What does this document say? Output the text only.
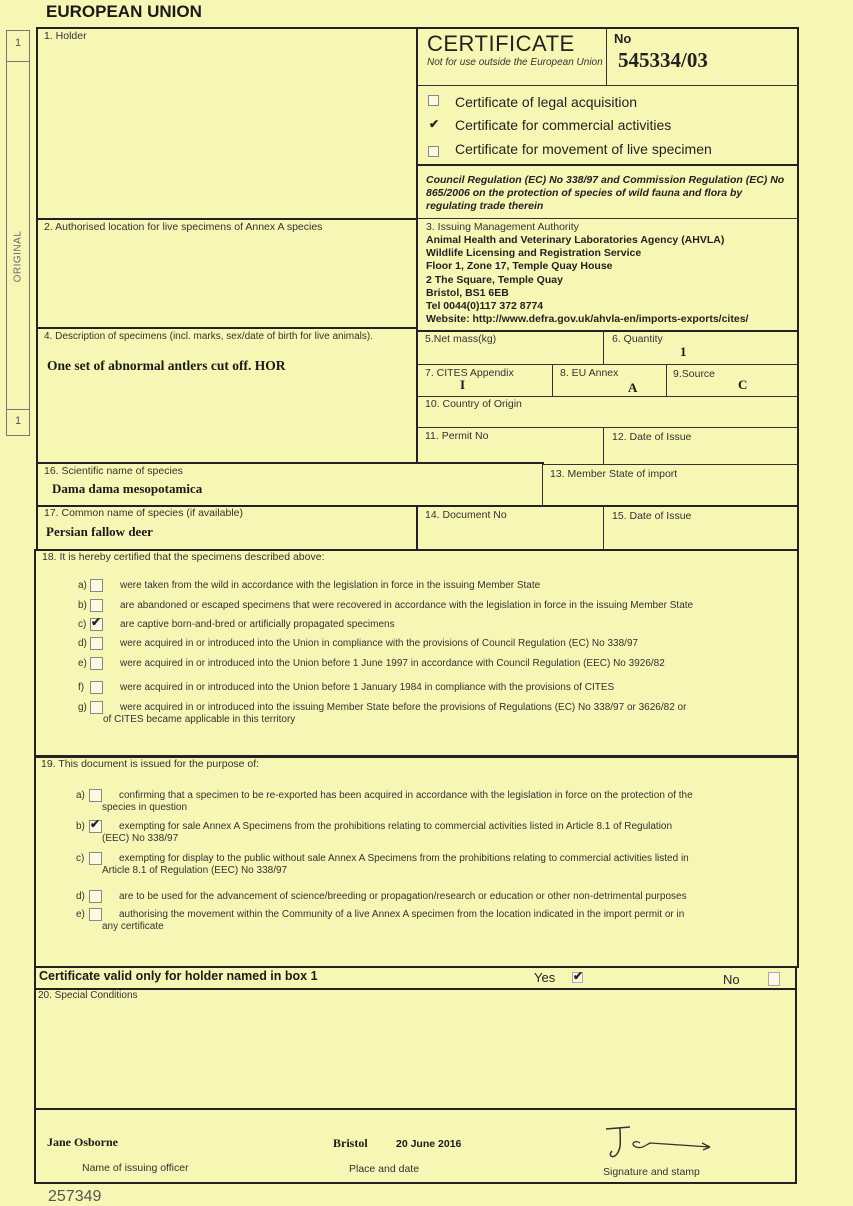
EUROPEAN UNION
1
ORIGINAL
1
1. Holder	CERTIFICATE
Not for use outside the European Union
No
545334/03
Certificate of legal acquisition
✔ Certificate for commercial activities
Certificate for movement of live specimen
Council Regulation (EC) No 338/97 and Commission Regulation (EC) No 865/2006 on the protection of species of wild fauna and flora by regulating trade therein
2. Authorised location for live specimens of Annex A species	3. Issuing Management Authority
Animal Health and Veterinary Laboratories Agency (AHVLA)
Wildlife Licensing and Registration Service
Floor 1, Zone 17, Temple Quay House
2 The Square, Temple Quay
Bristol, BS1 6EB
Tel 0044(0)117 372 8774
Website: http://www.defra.gov.uk/ahvla-en/imports-exports/cites/
4. Description of specimens (incl. marks, sex/date of birth for live animals).
One set of abnormal antlers cut off. HOR
5.Net mass(kg)	6. Quantity
1
7. CITES Appendix
I
8. EU Annex
A
9.Source
C
10. Country of Origin
11. Permit No	12. Date of Issue
16. Scientific name of species
Dama dama mesopotamica
13. Member State of import
17. Common name of species (if available)
Persian fallow deer
14. Document No	15. Date of Issue
18. It is hereby certified that the specimens described above:
a)	were taken from the wild in accordance with the legislation in force in the issuing Member State
b)	are abandoned or escaped specimens that were recovered in accordance with the legislation in force in the issuing Member State
c) ✔ are captive born-and-bred or artificially propagated specimens
d)	were acquired in or introduced into the Union in compliance with the provisions of Council Regulation (EC) No 338/97
e)	were acquired in or introduced into the Union before 1 June 1997 in accordance with Council Regulation (EEC) No 3926/82
f)	were acquired in or introduced into the Union before 1 January 1984 in compliance with the provisions of CITES
g)	were acquired in or introduced into the issuing Member State before the provisions of Regulations (EC) No 338/97 or 3626/82 or
of CITES became applicable in this territory
19. This document is issued for the purpose of:
a)	confirming that a specimen to be re-exported has been acquired in accordance with the legislation in force on the protection of the
species in question
b) ✔ exempting for sale Annex A Specimens from the prohibitions relating to commercial activities listed in Article 8.1 of Regulation
(EEC) No 338/97
c)	exempting for display to the public without sale Annex A Specimens from the prohibitions relating to commercial activities listed in
Article 8.1 of Regulation (EEC) No 338/97
d)	are to be used for the advancement of science/breeding or propagation/research or education or other non-detrimental purposes
e)	authorising the movement within the Community of a live Annex A specimen from the location indicated in the import permit or in
any certificate
Certificate valid only for holder named in box 1	Yes ✔	No
20. Special Conditions
Jane Osborne
Name of issuing officer
Bristol	20 June 2016
Place and date	Signature and stamp
257349
